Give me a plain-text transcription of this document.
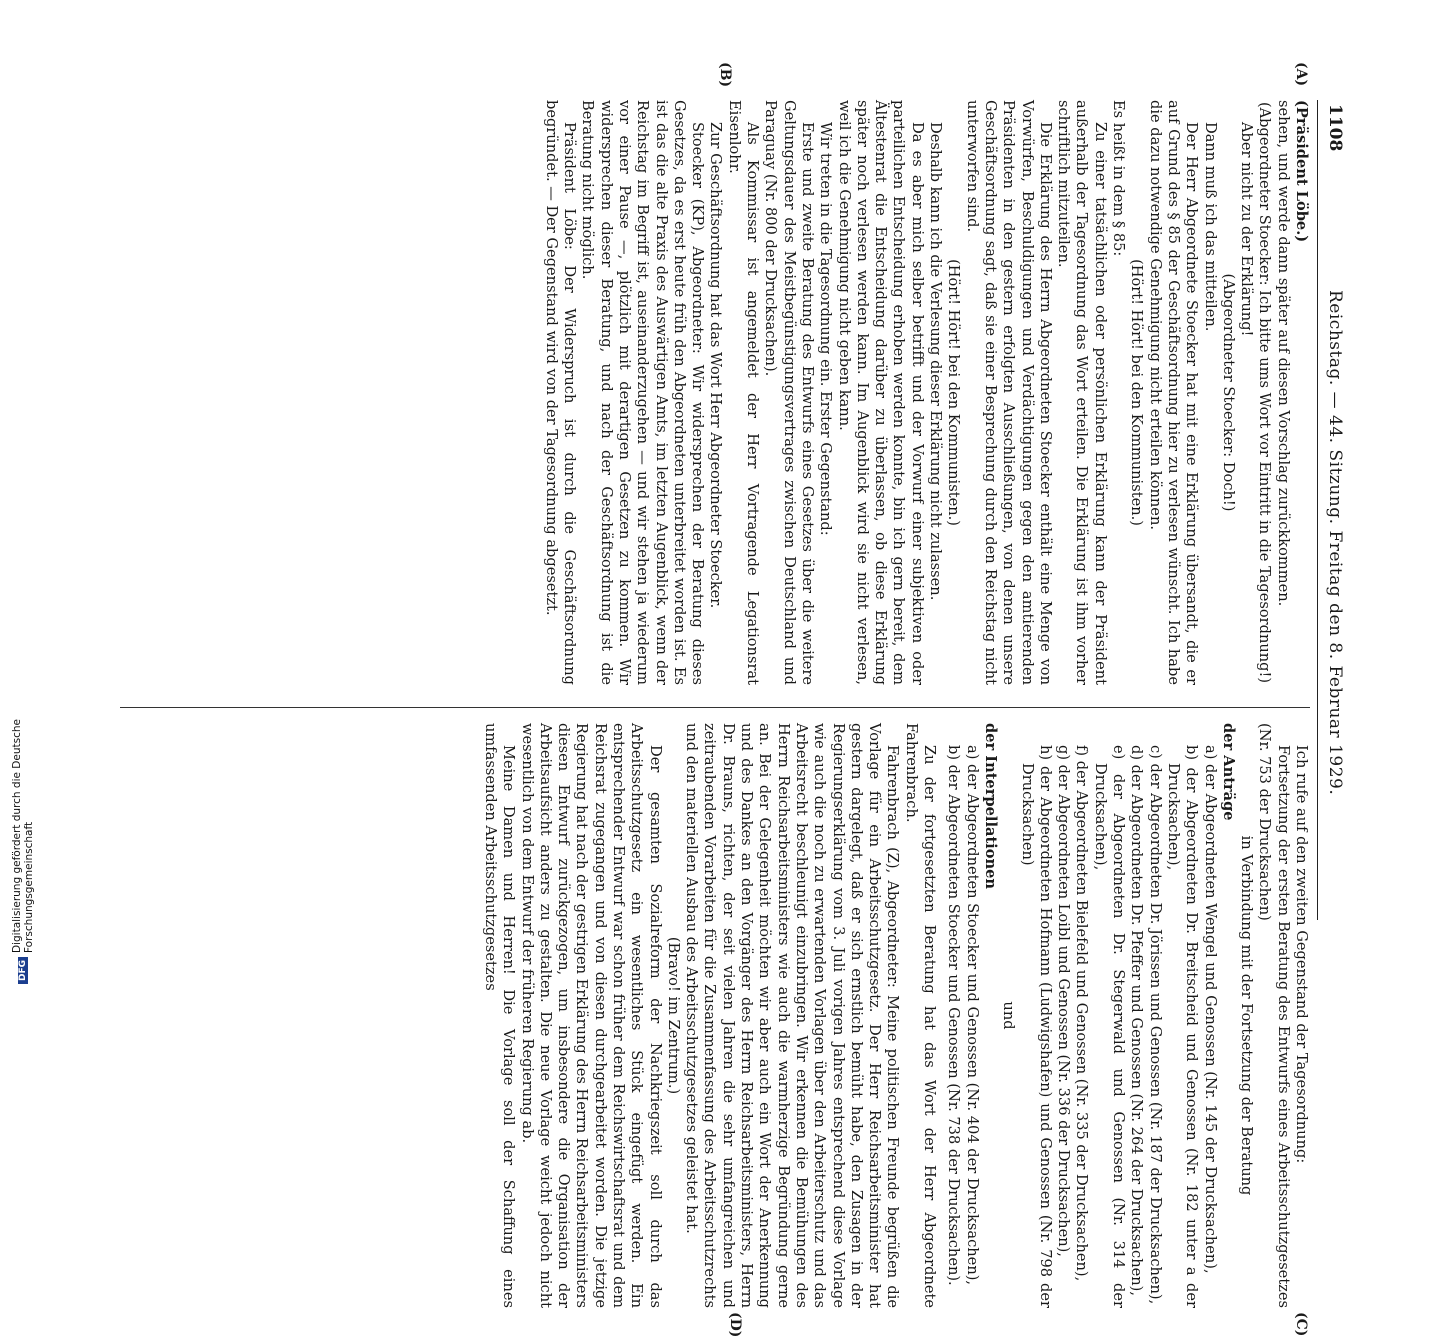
1108
Reichstag. — 44. Sitzung. Freitag den 8. Februar 1929.
(A)
(B)
(C)
(D)

(Präsident Löbe.)

sehen, und werde dann später auf diesen Vorschlag zurückkommen.

(Abgeordneter Stoecker: Ich bitte ums Wort vor Eintritt in die Tagesordnung!)

Aber nicht zu der Erklärung!

(Abgeordneter Stoecker: Doch!)

Dann muß ich das mitteilen.

Der Herr Abgeordnete Stoecker hat mit eine Erklärung übersandt, die er auf Grund des § 85 der Geschäftsordnung hier zu verlesen wünscht. Ich habe die dazu notwendige Genehmigung nicht erteilen können.

(Hört! Hört! bei den Kommunisten.)

Es heißt in dem § 85:

Zu einer tatsächlichen oder persönlichen Erklärung kann der Präsident außerhalb der Tagesordnung das Wort erteilen. Die Erklärung ist ihm vorher schriftlich mitzuteilen.

Die Erklärung des Herrn Abgeordneten Stoecker enthält eine Menge von Vorwürfen, Beschuldigungen und Verdächtigungen gegen den amtierenden Präsidenten in den gestern erfolgten Ausschließungen, von denen unsere Geschäftsordnung sagt, daß sie einer Besprechung durch den Reichstag nicht unterworfen sind.

(Hört! Hört! bei den Kommunisten.)

Deshalb kann ich die Verlesung dieser Erklärung nicht zulassen.

Da es aber mich selber betrifft und der Vorwurf einer subjektiven oder parteilichen Entscheidung erhoben werden konnte, bin ich gern bereit, dem Ältestenrat die Entscheidung darüber zu überlassen, ob diese Erklärung später noch verlesen werden kann. Im Augenblick wird sie nicht verlesen, weil ich die Genehmigung nicht geben kann.

Wir treten in die Tagesordnung ein. Erster Gegenstand:

Erste und zweite Beratung des Entwurfs eines Gesetzes über die weitere Geltungsdauer des Meistbegünstigungsvertrages zwischen Deutschland und Paraguay (Nr. 800 der Drucksachen).

Als Kommissar ist angemeldet der Herr Vortragende Legationsrat Eisenlohr.

Zur Geschäftsordnung hat das Wort Herr Abgeordneter Stoecker.

Stoecker (KP), Abgeordneter: Wir widersprechen der Beratung dieses Gesetzes, da es erst heute früh den Abgeordneten unterbreitet worden ist. Es ist das die alte Praxis des Auswärtigen Amts, im letzten Augenblick, wenn der Reichstag im Begriff ist, auseinanderzugehen — und wir stehen ja wiederum vor einer Pause —, plötzlich mit derartigen Gesetzen zu kommen. Wir widersprechen dieser Beratung, und nach der Geschäftsordnung ist die Beratung nicht möglich.

Präsident Löbe: Der Widerspruch ist durch die Geschäftsordnung begründet. — Der Gegenstand wird von der Tagesordnung abgesetzt.

Ich rufe auf den zweiten Gegenstand der Tagesordnung:

Fortsetzung der ersten Beratung des Entwurfs eines Arbeitsschutzgesetzes (Nr. 753 der Drucksachen)

in Verbindung mit der Fortsetzung der Beratung

der Anträge

a) der Abgeordneten Wengel und Genossen (Nr. 145 der Drucksachen),

b) der Abgeordneten Dr. Breitscheid und Genossen (Nr. 182 unter a der Drucksachen),

c) der Abgeordneten Dr. Jörissen und Genossen (Nr. 187 der Drucksachen),

d) der Abgeordneten Dr. Pfeffer und Genossen (Nr. 264 der Drucksachen),

e) der Abgeordneten Dr. Stegerwald und Genossen (Nr. 314 der Drucksachen),

f) der Abgeordneten Bielefeld und Genossen (Nr. 335 der Drucksachen),

g) der Abgeordneten Loibl und Genossen (Nr. 336 der Drucksachen),

h) der Abgeordneten Hofmann (Ludwigshafen) und Genossen (Nr. 798 der Drucksachen)

und

der Interpellationen

a) der Abgeordneten Stoecker und Genossen (Nr. 404 der Drucksachen),

b) der Abgeordneten Stoecker und Genossen (Nr. 738 der Drucksachen).

Zu der fortgesetzten Beratung hat das Wort der Herr Abgeordnete Fahrenbrach.

Fahrenbrach (Z), Abgeordneter: Meine politischen Freunde begrüßen die Vorlage für ein Arbeitsschutzgesetz. Der Herr Reichsarbeitsminister hat gestern dargelegt, daß er sich ernstlich bemüht habe, den Zusagen in der Regierungserklärung vom 3. Juli vorigen Jahres entsprechend diese Vorlage wie auch die noch zu erwartenden Vorlagen über den Arbeiterschutz und das Arbeitsrecht beschleunigt einzubringen. Wir erkennen die Bemühungen des Herrn Reichsarbeitsministers wie auch die warmherzige Begründung gerne an. Bei der Gelegenheit möchten wir aber auch ein Wort der Anerkennung und des Dankes an den Vorgänger des Herrn Reichsarbeitsministers, Herrn Dr. Brauns, richten, der seit vielen Jahren die sehr umfangreichen und zeitraubenden Vorarbeiten für die Zusammenfassung des Arbeitsschutzrechts und den materiellen Ausbau des Arbeitsschutzgesetzes geleistet hat.

(Bravo! im Zentrum.)

Der gesamten Sozialreform der Nachkriegszeit soll durch das Arbeitsschutzgesetz ein wesentliches Stück eingefügt werden. Ein entsprechender Entwurf war schon früher dem Reichswirtschaftsrat und dem Reichsrat zugegangen und von diesen durchgearbeitet worden. Die jetzige Regierung hat nach der gestrigen Erklärung des Herrn Reichsarbeitsministers diesen Entwurf zurückgezogen, um insbesondere die Organisation der Arbeitsaufsicht anders zu gestalten. Die neue Vorlage weicht jedoch nicht wesentlich von dem Entwurf der früheren Regierung ab.

Meine Damen und Herren! Die Vorlage soll der Schaffung eines umfassenden Arbeitsschutzgesetzes

DFG
Digitalisierung gefördert durch die Deutsche Forschungsgemeinschaft
